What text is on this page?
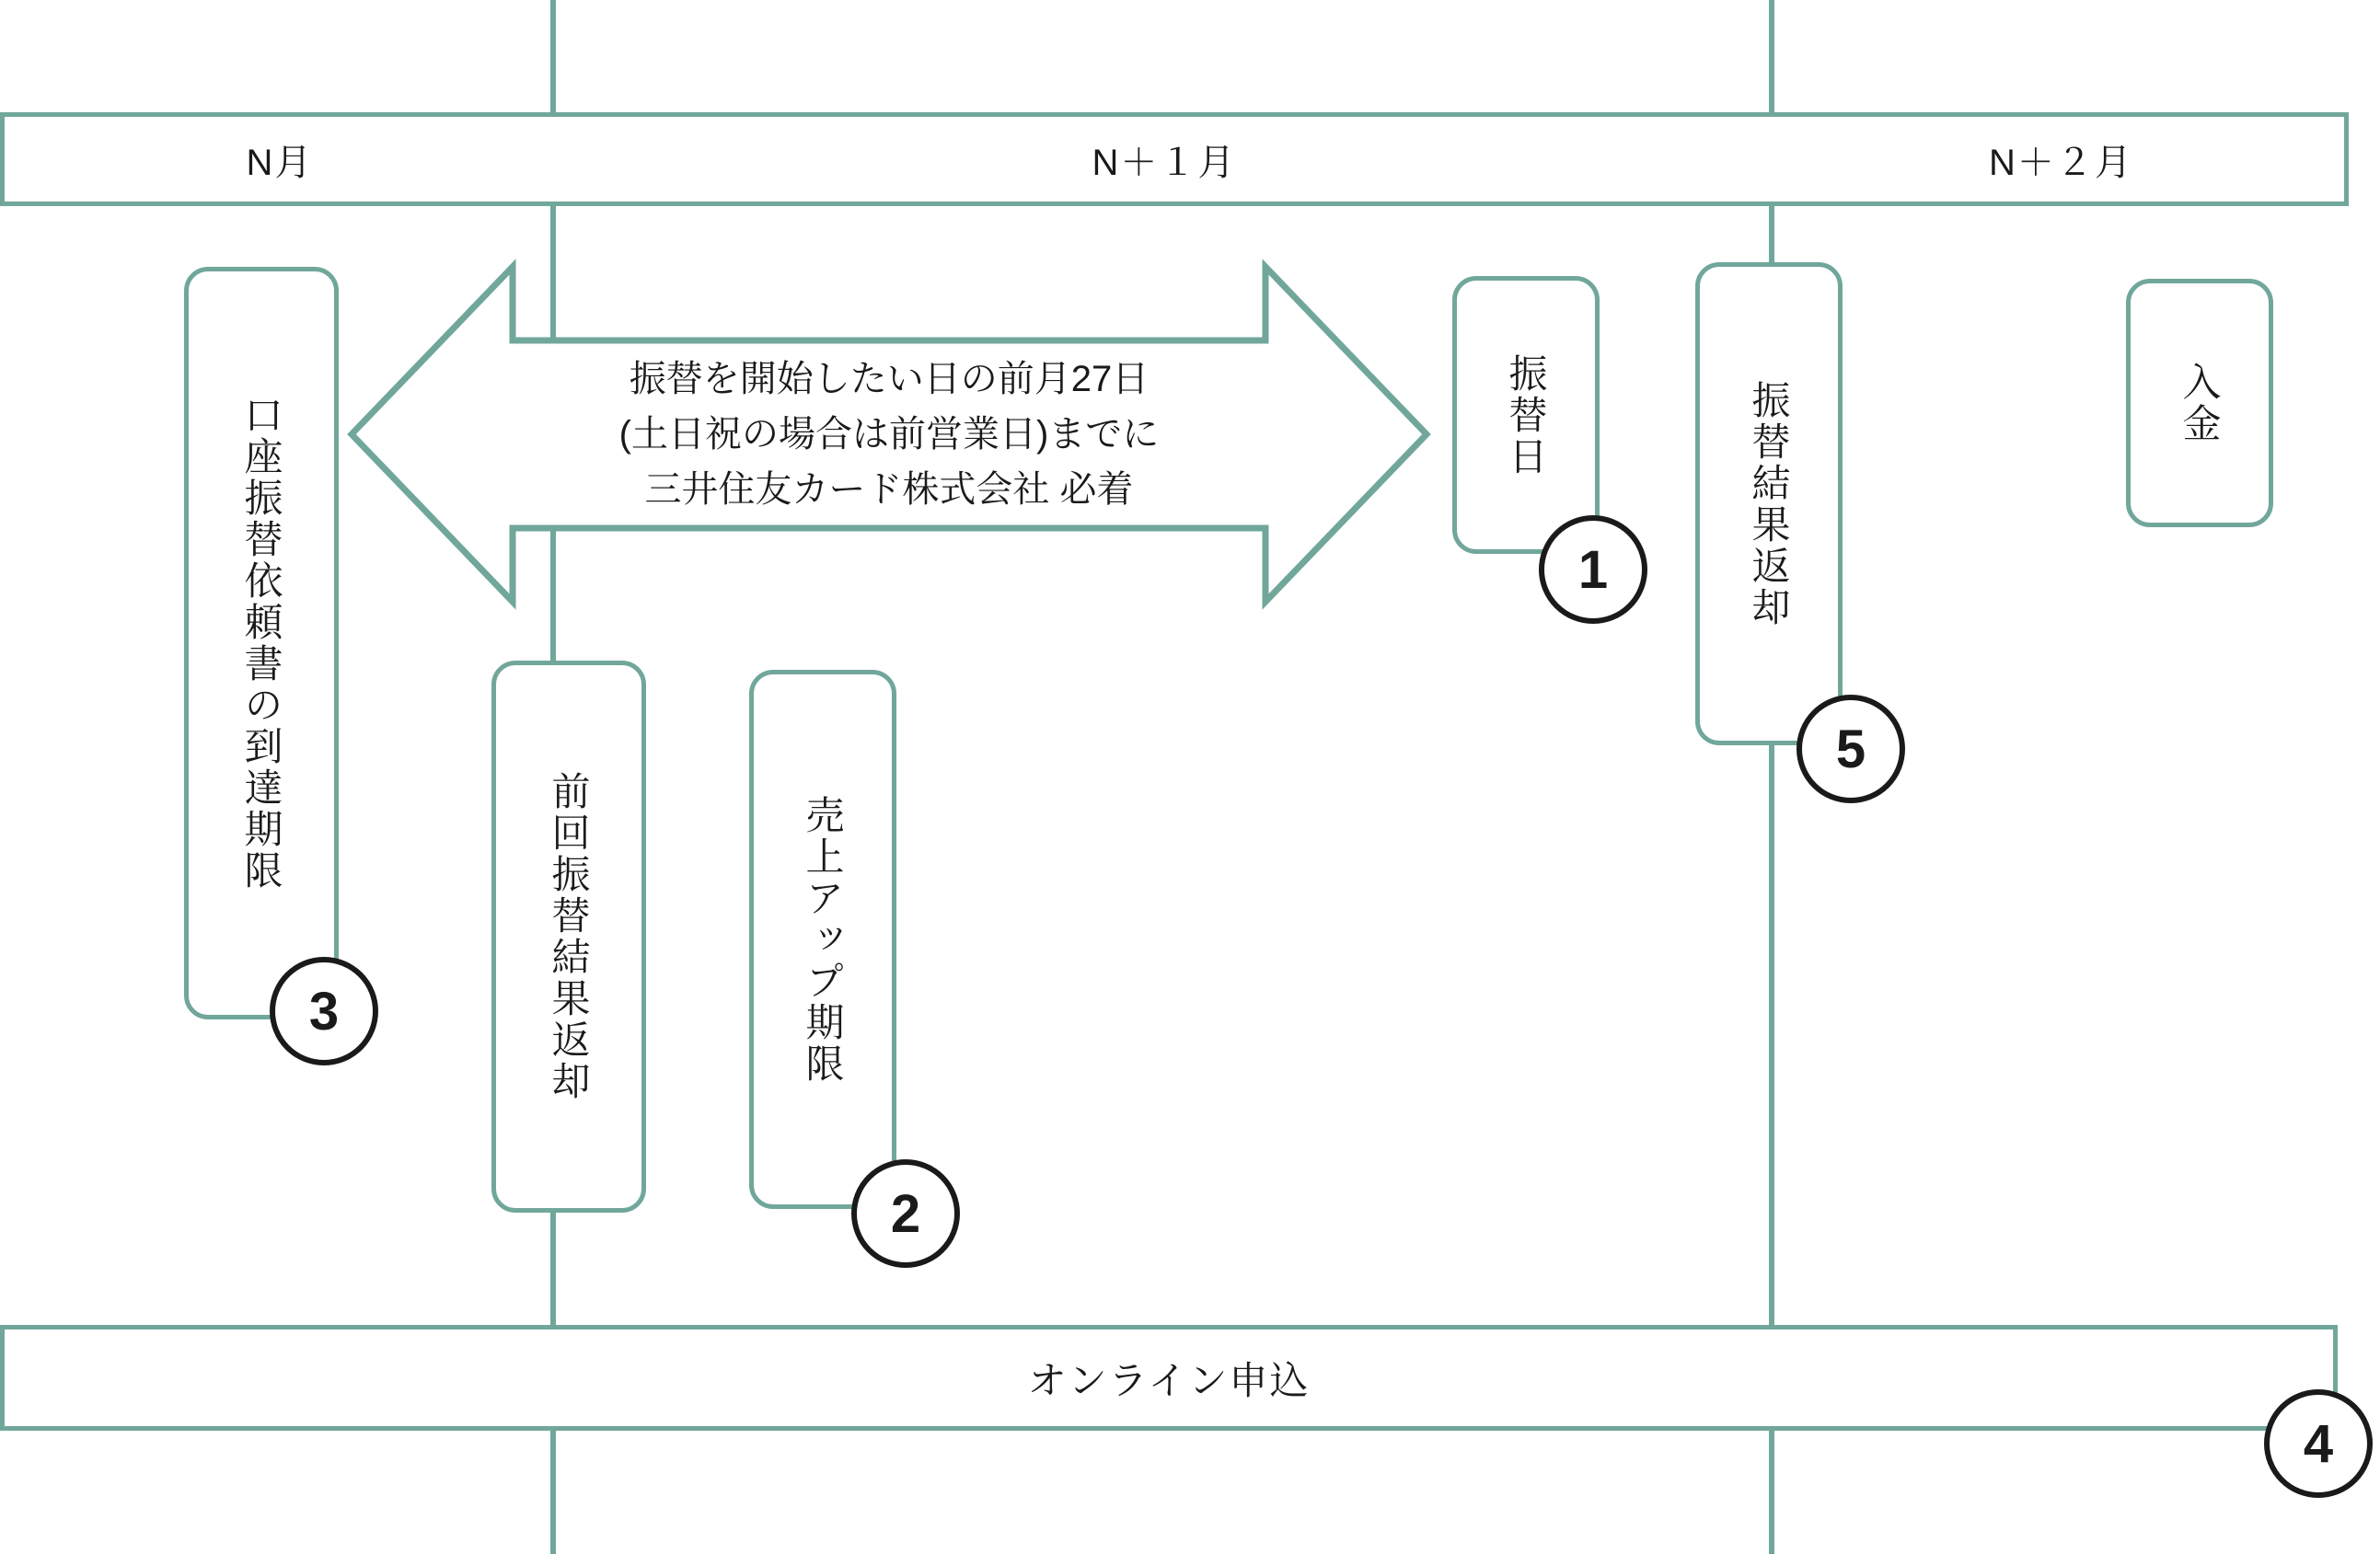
N月	N＋１月	N＋２月
振替を開始したい日の前月27日
(土日祝の場合は前営業日)までに
三井住友カード株式会社 必着
口座振替依頼書の到達期限
3	前回振替結果返却	売上アップ期限
2
振替日
1	振替結果返却
5
入金
オンライン申込
4
